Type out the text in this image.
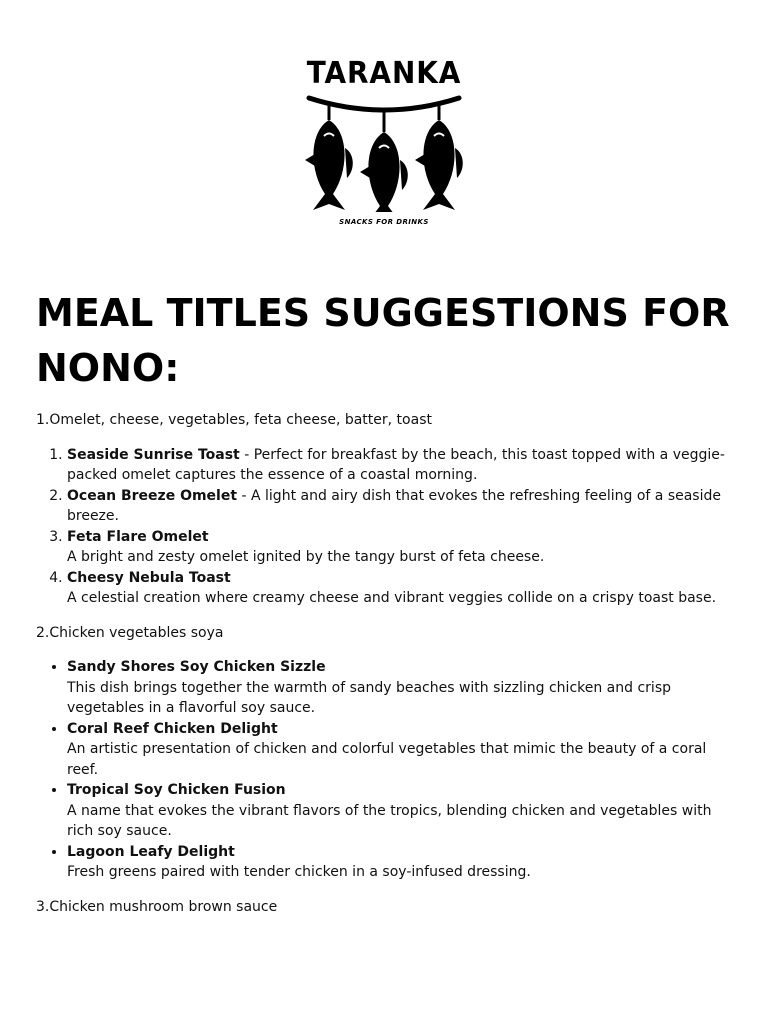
TARANKA
SNACKS FOR DRINKS
MEAL TITLES SUGGESTIONS FOR NONO:

1.Omelet, cheese, vegetables, feta cheese, batter, toast

1. Seaside Sunrise Toast - Perfect for breakfast by the beach, this toast topped with a veggie-packed omelet captures the essence of a coastal morning.
2. Ocean Breeze Omelet - A light and airy dish that evokes the refreshing feeling of a seaside breeze.
3. Feta Flare Omelet
A bright and zesty omelet ignited by the tangy burst of feta cheese.
4. Cheesy Nebula Toast
A celestial creation where creamy cheese and vibrant veggies collide on a crispy toast base.

2.Chicken vegetables soya

• Sandy Shores Soy Chicken Sizzle
This dish brings together the warmth of sandy beaches with sizzling chicken and crisp vegetables in a flavorful soy sauce.
• Coral Reef Chicken Delight
An artistic presentation of chicken and colorful vegetables that mimic the beauty of a coral reef.
• Tropical Soy Chicken Fusion
A name that evokes the vibrant flavors of the tropics, blending chicken and vegetables with rich soy sauce.
• Lagoon Leafy Delight
Fresh greens paired with tender chicken in a soy-infused dressing.

3.Chicken mushroom brown sauce
